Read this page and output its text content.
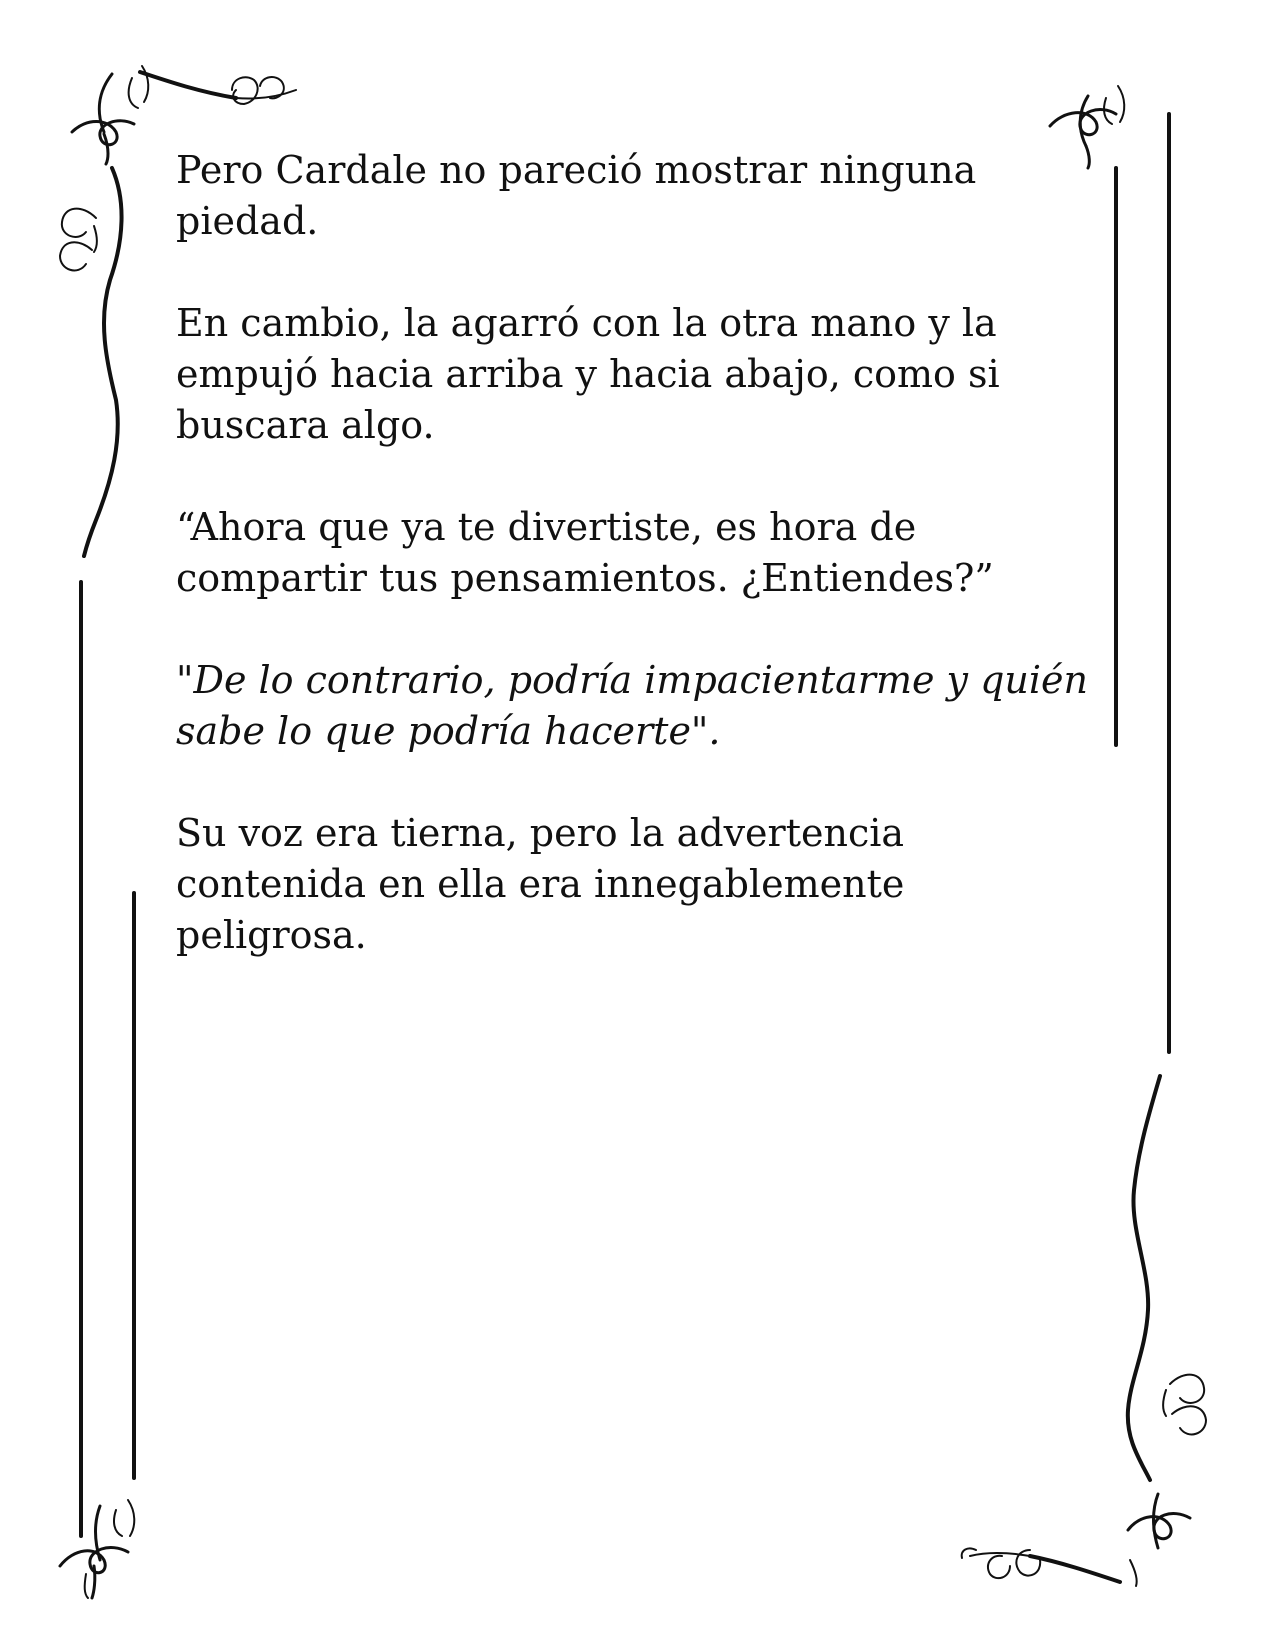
Pero Cardale no pareció mostrar ninguna piedad.

En cambio, la agarró con la otra mano y la empujó hacia arriba y hacia abajo, como si buscara algo.

“Ahora que ya te divertiste, es hora de compartir tus pensamientos. ¿Entiendes?”

"De lo contrario, podría impacientarme y quién sabe lo que podría hacerte".

Su voz era tierna, pero la advertencia contenida en ella era innegablemente peligrosa.
